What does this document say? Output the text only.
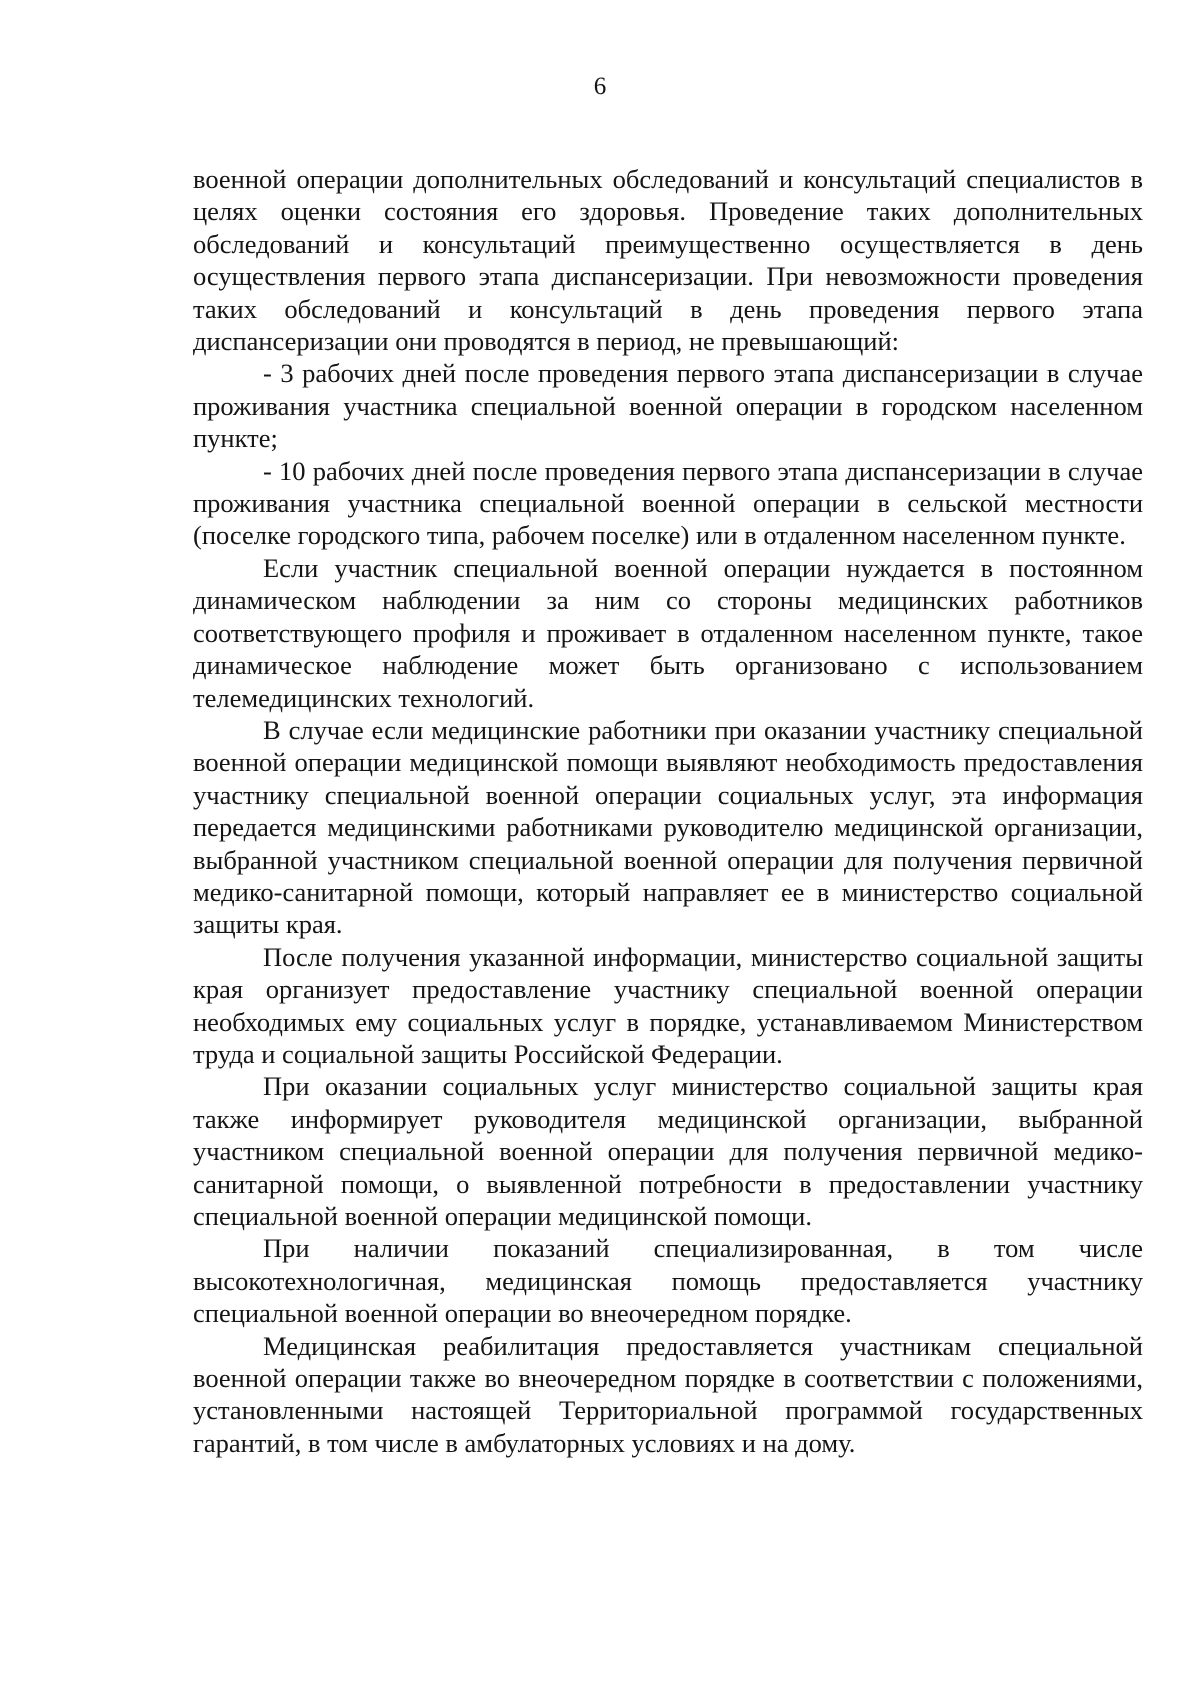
6

военной операции дополнительных обследований и консультаций специалистов в целях оценки состояния его здоровья. Проведение таких дополнительных обследований и консультаций преимущественно осуществляется в день осуществления первого этапа диспансеризации. При невозможности проведения таких обследований и консультаций в день проведения первого этапа диспансеризации они проводятся в период, не превышающий:

- 3 рабочих дней после проведения первого этапа диспансеризации в случае проживания участника специальной военной операции в городском населенном пункте;

- 10 рабочих дней после проведения первого этапа диспансеризации в случае проживания участника специальной военной операции в сельской местности (поселке городского типа, рабочем поселке) или в отдаленном населенном пункте.

Если участник специальной военной операции нуждается в постоянном динамическом наблюдении за ним со стороны медицинских работников соответствующего профиля и проживает в отдаленном населенном пункте, такое динамическое наблюдение может быть организовано с использованием телемедицинских технологий.

В случае если медицинские работники при оказании участнику специальной военной операции медицинской помощи выявляют необходимость предоставления участнику специальной военной операции социальных услуг, эта информация передается медицинскими работниками руководителю медицинской организации, выбранной участником специальной военной операции для получения первичной медико-санитарной помощи, который направляет ее в министерство социальной защиты края.

После получения указанной информации, министерство социальной защиты края организует предоставление участнику специальной военной операции необходимых ему социальных услуг в порядке, устанавливаемом Министерством труда и социальной защиты Российской Федерации.

При оказании социальных услуг министерство социальной защиты края также информирует руководителя медицинской организации, выбранной участником специальной военной операции для получения первичной медико-санитарной помощи, о выявленной потребности в предоставлении участнику специальной военной операции медицинской помощи.

При наличии показаний специализированная, в том числе высокотехнологичная, медицинская помощь предоставляется участнику специальной военной операции во внеочередном порядке.

Медицинская реабилитация предоставляется участникам специальной военной операции также во внеочередном порядке в соответствии с положениями, установленными настоящей Территориальной программой государственных гарантий, в том числе в амбулаторных условиях и на дому.
